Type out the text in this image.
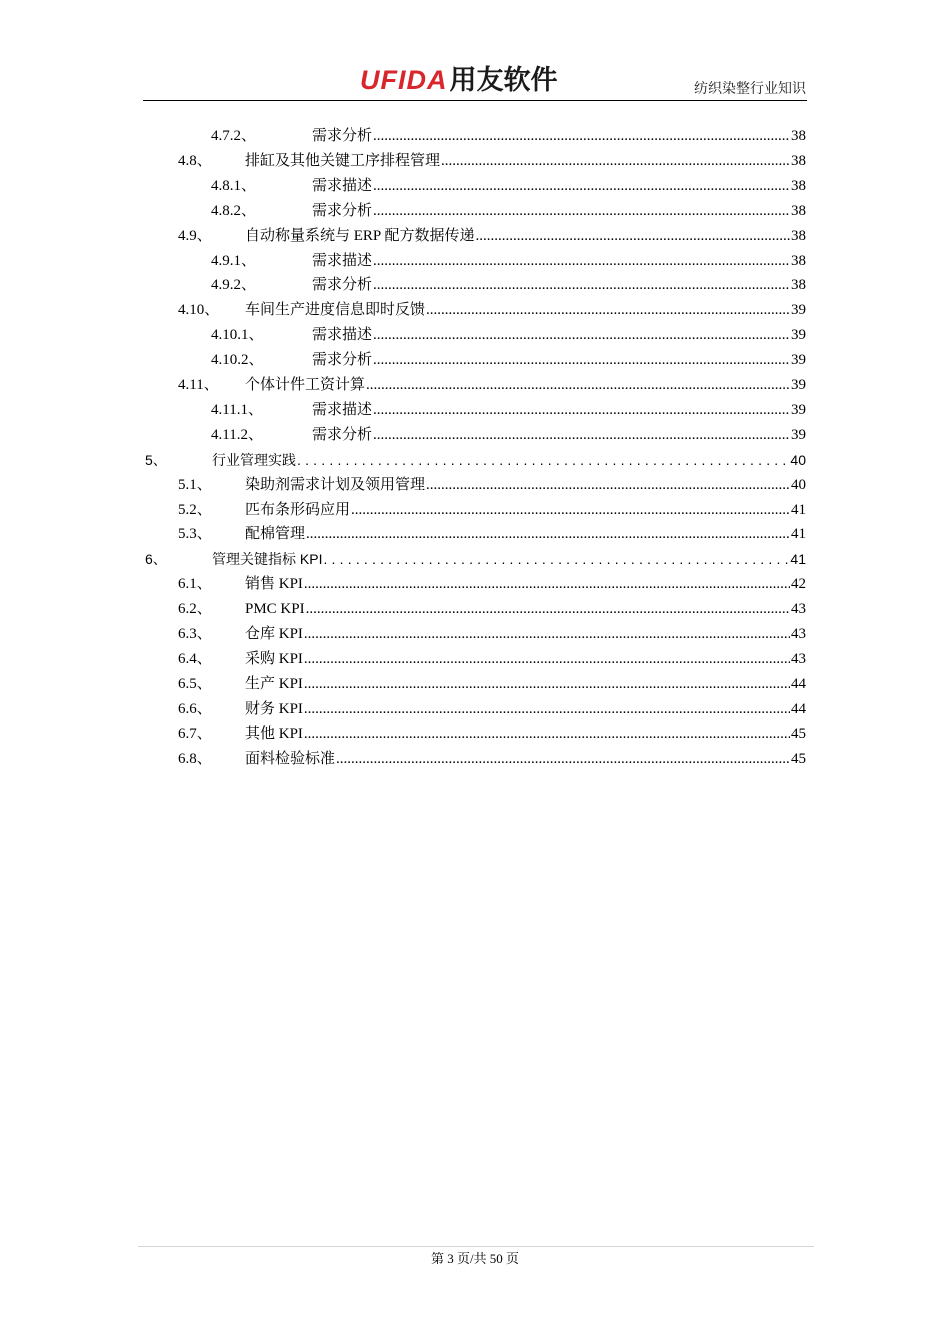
UFIDA用友软件	纺织染整行业知识
4.7.2、	需求分析 .....	38
4.8、 排缸及其他关键工序排程管理 .....	38
4.8.1、	需求描述 .....	38
4.8.2、	需求分析 .....	38
4.9、 自动称量系统与 ERP 配方数据传递 .....	38
4.9.1、	需求描述 .....	38
4.9.2、	需求分析 .....	38
4.10、 车间生产进度信息即时反馈 .....	39
4.10.1、	需求描述 .....	39
4.10.2、	需求分析 .....	39
4.11、 个体计件工资计算 .....	39
4.11.1、	需求描述 .....	39
4.11.2、	需求分析 .....	39
5、	行业管理实践 .....	40
5.1、 染助剂需求计划及领用管理 .....	40
5.2、 匹布条形码应用 .....	41
5.3、 配棉管理 .....	41
6、	管理关键指标 KPI .....	41
6.1、 销售 KPI .....	42
6.2、 PMC KPI .....	43
6.3、 仓库 KPI .....	43
6.4、 采购 KPI .....	43
6.5、 生产 KPI .....	44
6.6、 财务 KPI .....	44
6.7、 其他 KPI .....	45
6.8、 面料检验标准 .....	45
第 3 页/共 50 页
